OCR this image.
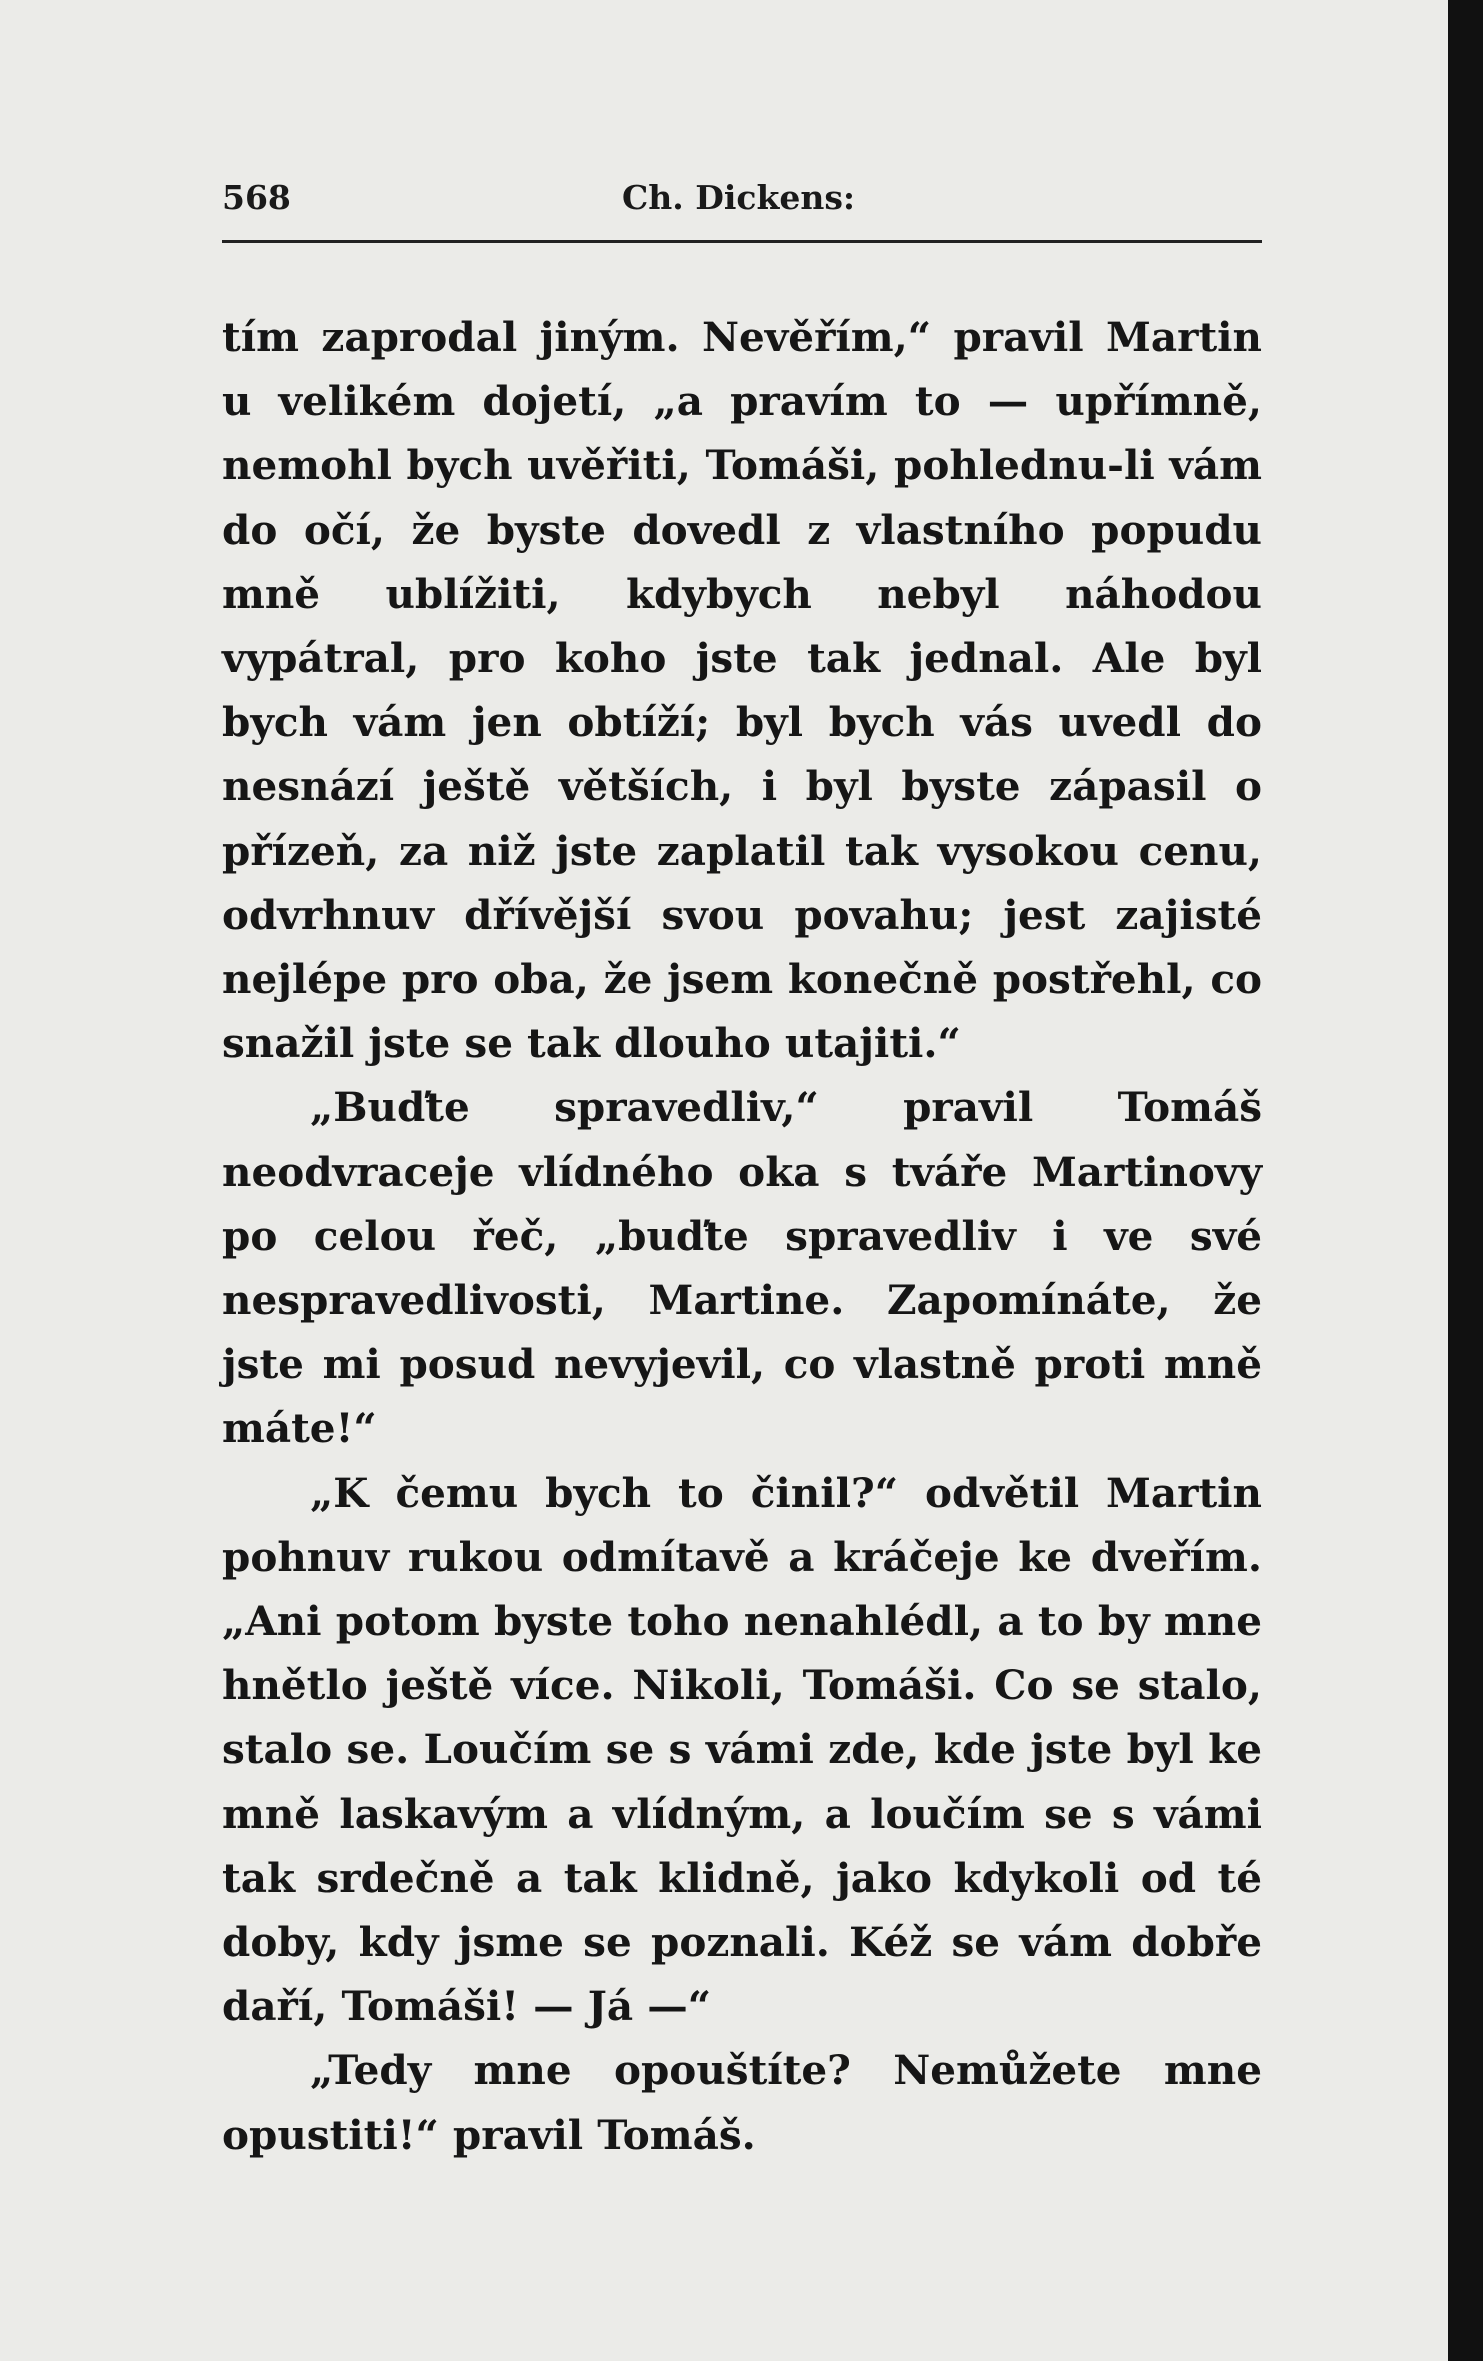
568	Ch. Dickens:

tím zaprodal jiným. Nevěřím,“ pravil Martin u velikém dojetí, „a pravím to — upřímně, nemohl bych uvěřiti, Tomáši, pohlednu-li vám do očí, že byste dovedl z vlastního popudu mně ublížiti, kdybych nebyl náhodou vypátral, pro koho jste tak jednal. Ale byl bych vám jen obtíží; byl bych vás uvedl do nesnází ještě větších, i byl byste zápasil o přízeň, za niž jste zaplatil tak vysokou cenu, odvrhnuv dřívější svou povahu; jest zajisté nejlépe pro oba, že jsem konečně postřehl, co snažil jste se tak dlouho utajiti.“

„Buďte spravedliv,“ pravil Tomáš neodvraceje vlídného oka s tváře Martinovy po celou řeč, „buďte spravedliv i ve své nespravedlivosti, Martine. Zapomínáte, že jste mi posud nevyjevil, co vlastně proti mně máte!“

„K čemu bych to činil?“ odvětil Martin pohnuv rukou odmítavě a kráčeje ke dveřím. „Ani potom byste toho nenahlédl, a to by mne hnětlo ještě více. Nikoli, Tomáši. Co se stalo, stalo se. Loučím se s vámi zde, kde jste byl ke mně laskavým a vlídným, a loučím se s vámi tak srdečně a tak klidně, jako kdykoli od té doby, kdy jsme se poznali. Kéž se vám dobře daří, Tomáši! — Já —“

„Tedy mne opouštíte? Nemůžete mne opustiti!“ pravil Tomáš.
